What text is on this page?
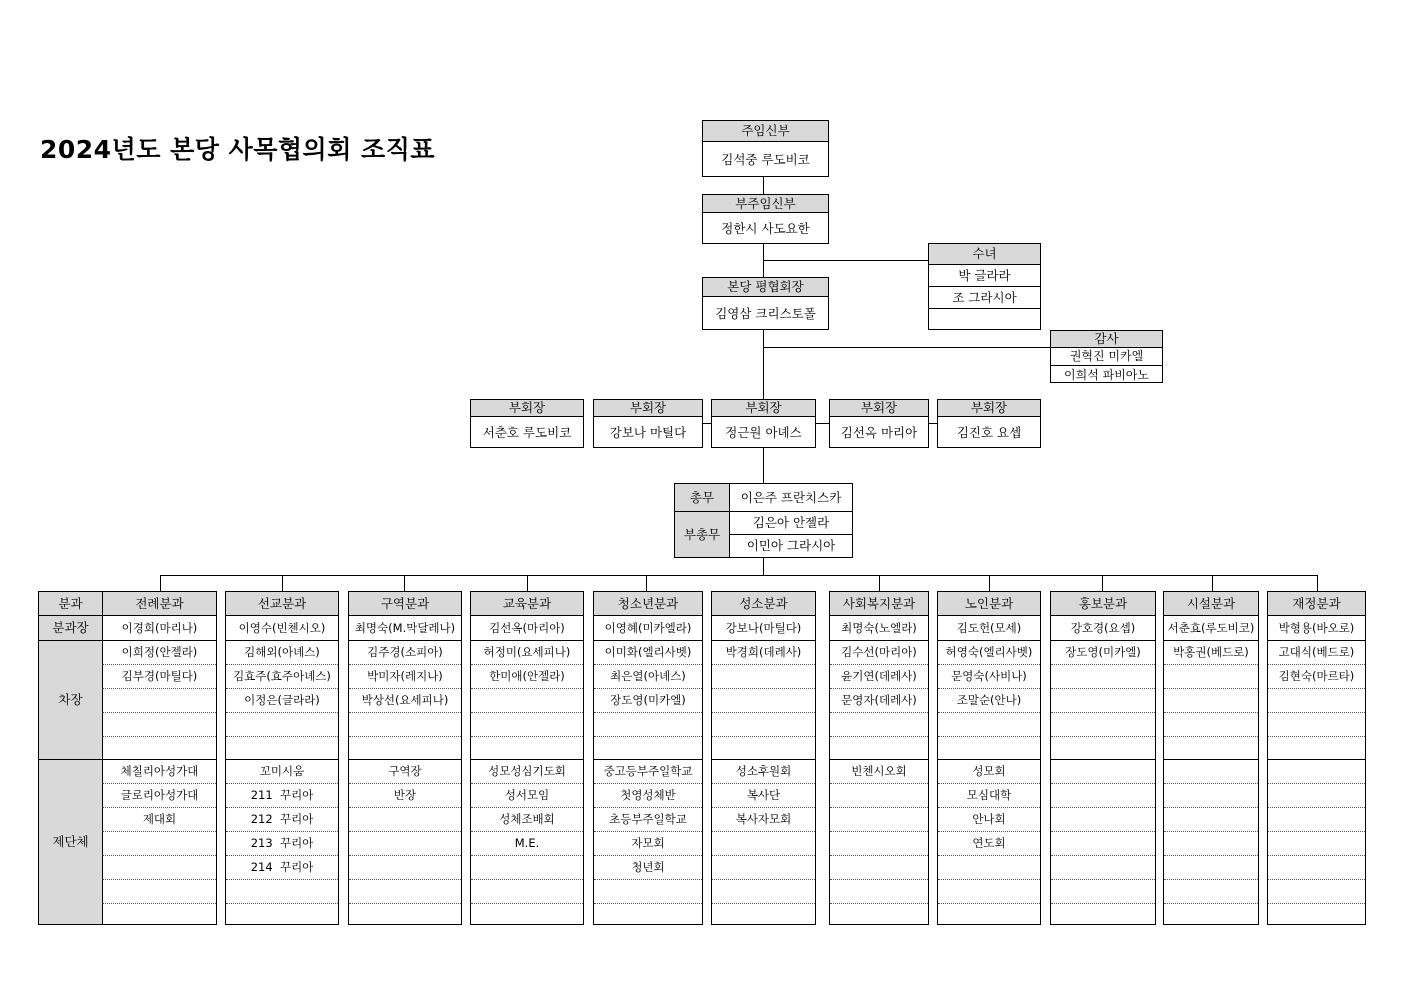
2024년도 본당 사목협의회 조직표
주임신부
김석중 루도비코
부주임신부
정한시 사도요한
수녀
박 글라라
조 그라시아
본당 평협회장
김영삼 크리스토폴
감사
권혁진 미카엘
이희석 파비아노
부회장
서춘호 루도비코
부회장
강보나 마틸다
부회장
정근원 아녜스
부회장
김선옥 마리아
부회장
김진호 요셉
총무	이은주 프란치스카
부총무
김은아 안젤라
이민아 그라시아
분과
분과장
차장
제단체
전례분과
이경희(마리나)
이희정(안젤라)
김부경(마틸다)
체칠리아성가대
글로리아성가대
제대회
선교분과
이영수(빈첸시오)
김해외(아녜스)
김효주(효주아녜스)
이정은(글라라)
꼬미시움
211  꾸리아
212  꾸리아
213  꾸리아
214  꾸리아
구역분과
최명숙(M.막달레나)
김주경(소피아)
박미자(레지나)
박상선(요세피나)
구역장
반장
교육분과
김선옥(마리아)
허정미(요세피나)
한미애(안젤라)
성모성심기도회
성서모임
성체조배회
M.E.
청소년분과
이영혜(미카엘라)
이미화(엘리사벳)
최은열(아녜스)
장도영(미카엘)
중고등부주일학교
첫영성체반
초등부주일학교
자모회
청년회
성소분과
강보나(마틸다)
박경희(데레사)
성소후원회
복사단
복사자모회
사회복지분과
최명숙(노엘라)
김수선(마리아)
윤기연(데레사)
문영자(데레사)
빈첸시오회
노인분과
김도헌(모세)
허영숙(엘리사벳)
문영숙(사비나)
조말순(안나)
성모회
모심대학
안나회
연도회
홍보분과
강호경(요셉)
장도영(미카엘)
시설분과
서춘효(루도비코)
박홍권(베드로)
재정분과
박형용(바오로)
고대식(베드로)
김현숙(마르타)
